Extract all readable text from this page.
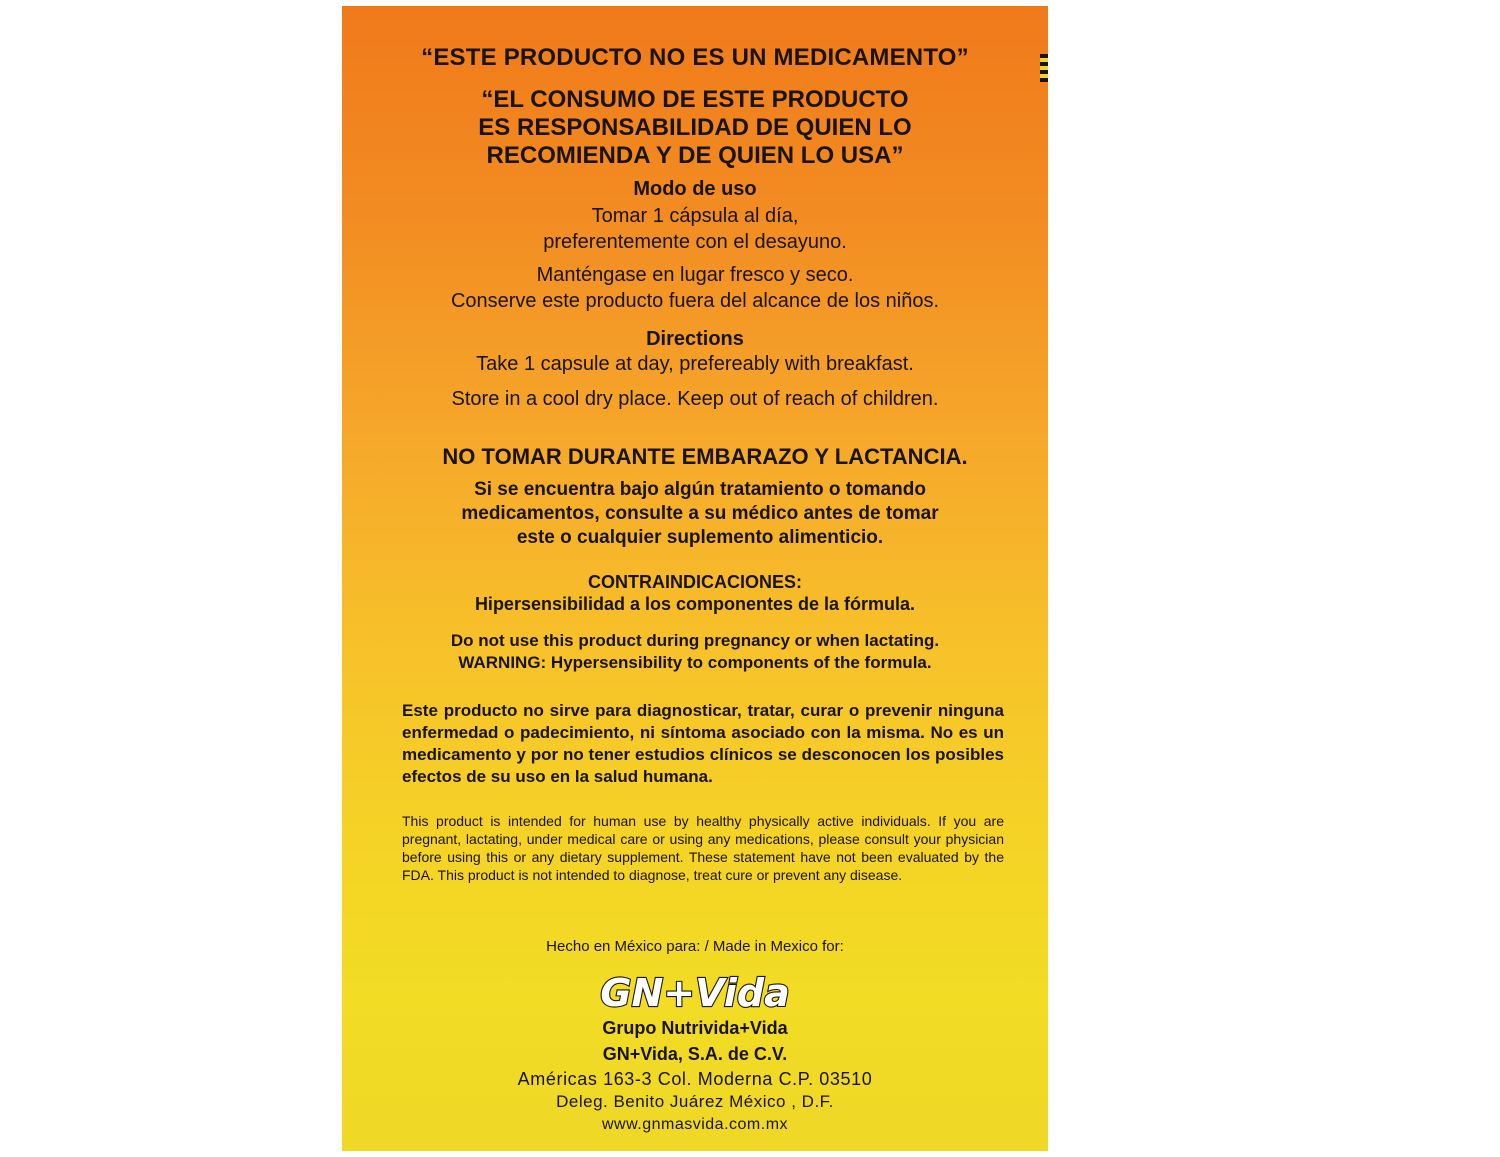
“ESTE PRODUCTO NO ES UN MEDICAMENTO”
“EL CONSUMO DE ESTE PRODUCTO
ES RESPONSABILIDAD DE QUIEN LO
RECOMIENDA Y DE QUIEN LO USA”
Modo de uso
Tomar 1 cápsula al día,
preferentemente con el desayuno.
Manténgase en lugar fresco y seco.
Conserve este producto fuera del alcance de los niños.
Directions
Take 1 capsule at day, prefereably with breakfast.
Store in a cool dry place. Keep out of reach of children.
NO TOMAR DURANTE EMBARAZO Y LACTANCIA.
Si se encuentra bajo algún tratamiento o tomando
medicamentos, consulte a su médico antes de tomar
este o cualquier suplemento alimenticio.
CONTRAINDICACIONES:
Hipersensibilidad a los componentes de la fórmula.
Do not use this product during pregnancy or when lactating.
WARNING: Hypersensibility to components of the formula.
Este producto no sirve para diagnosticar, tratar, curar o prevenir ninguna enfermedad o padecimiento, ni síntoma asociado con la misma. No es un medicamento y por no tener estudios clínicos se desconocen los posibles efectos de su uso en la salud humana.
This product is intended for human use by healthy physically active individuals. If you are pregnant, lactating, under medical care or using any medications, please consult your physician before using this or any dietary supplement. These statement have not been evaluated by the FDA. This product is not intended to diagnose, treat cure or prevent any disease.
Hecho en México para: / Made in Mexico for:
GN+Vida
Grupo Nutrivida+Vida
GN+Vida, S.A. de C.V.
Américas 163-3 Col. Moderna C.P. 03510
Deleg. Benito Juárez México , D.F.
www.gnmasvida.com.mx
